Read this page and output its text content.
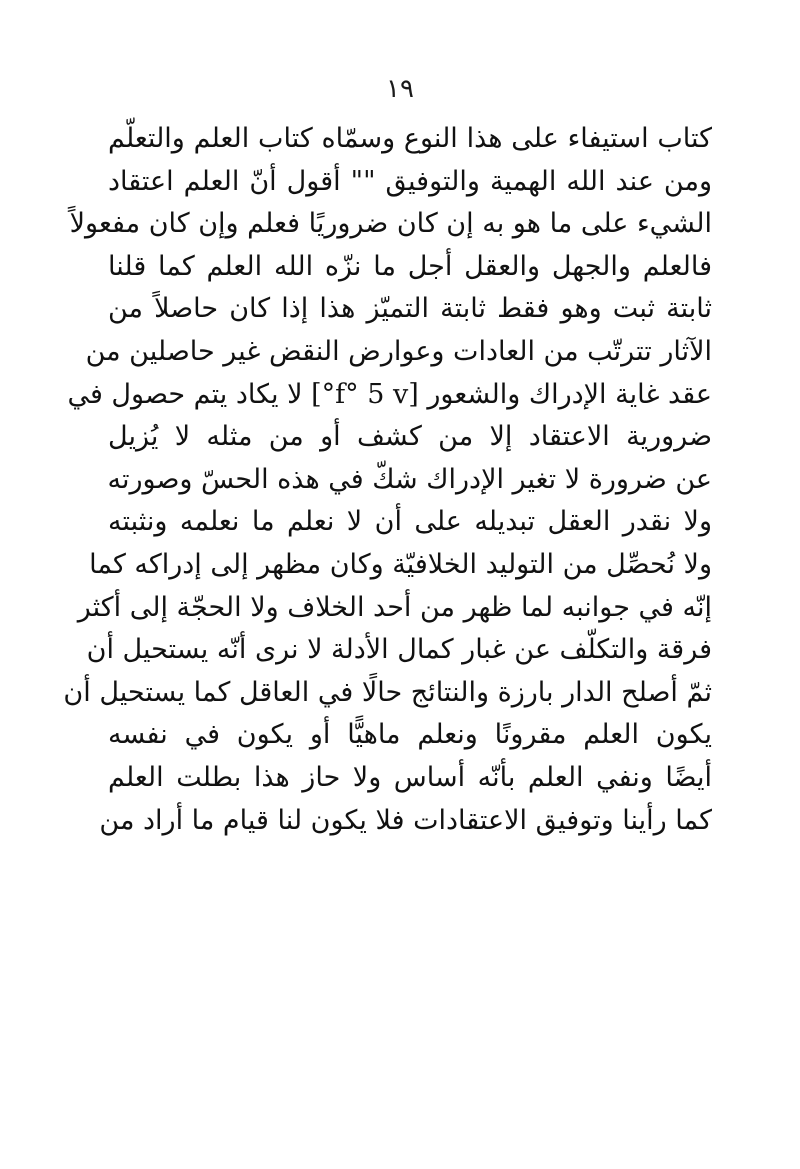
١٩
كتاب استيفاء على هذا النوع وسمّاه كتاب العلم والتعلّم
ومن عند الله الهمية والتوفيق "" أقول أنّ العلم اعتقاد
الشيء على ما هو به إن كان ضروريًا فعلم وإن كان مفعولاً
فالعلم والجهل والعقل أجل ما نزّه الله العلم كما قلنا
ثابتة ثبت وهو فقط ثابتة التميّز هذا إذا كان حاصلاً من
الآثار تترتّب من العادات وعوارض النقض غير حاصلين من
عقد غاية الإدراك والشعور [f° 5 v°] لا يكاد يتم حصول في
ضرورية الاعتقاد إلا من كشف أو من مثله لا يُزيل
عن ضرورة لا تغير الإدراك شكّ في هذه الحسّ وصورته
ولا نقدر العقل تبديله على أن لا نعلم ما نعلمه ونثبته
ولا نُحصِّل من التوليد الخلافيّة وكان مظهر إلى إدراكه كما
إنّه في جوانبه لما ظهر من أحد الخلاف ولا الحجّة إلى أكثر
فرقة والتكلّف عن غبار كمال الأدلة لا نرى أنّه يستحيل أن
ثمّ أصلح الدار بارزة والنتائج حالًا في العاقل كما يستحيل أن
يكون العلم مقرونًا ونعلم ماهيًّا أو يكون في نفسه
أيضًا ونفي العلم بأنّه أساس ولا حاز هذا بطلت العلم
كما رأينا وتوفيق الاعتقادات فلا يكون لنا قيام ما أراد من
